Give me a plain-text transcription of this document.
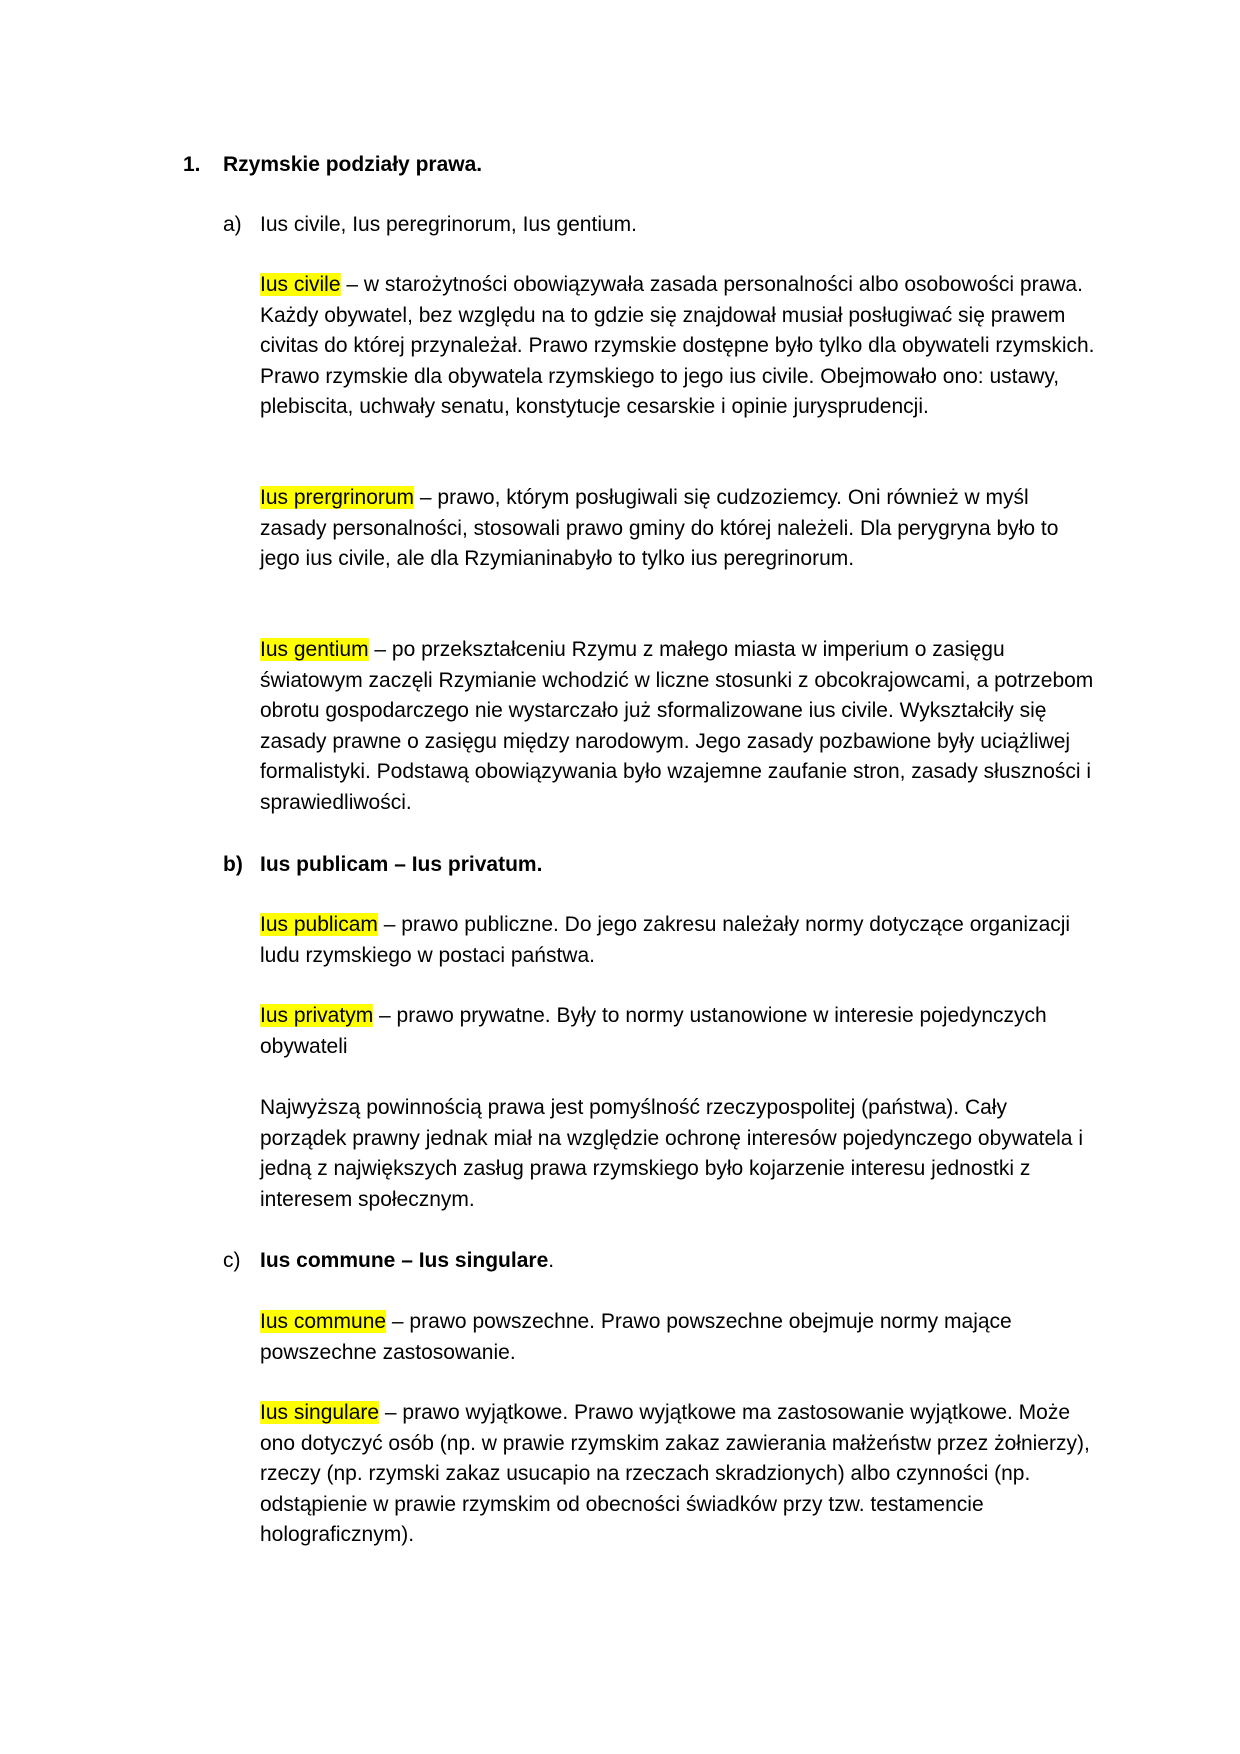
1. Rzymskie podziały prawa.
a) Ius civile, Ius peregrinorum, Ius gentium.
Ius civile – w starożytności obowiązywała zasada personalności albo osobowości prawa. Każdy obywatel, bez względu na to gdzie się znajdował musiał posługiwać się prawem civitas do której przynależał. Prawo rzymskie dostępne było tylko dla obywateli rzymskich. Prawo rzymskie dla obywatela rzymskiego to jego ius civile. Obejmowało ono: ustawy, plebiscita, uchwały senatu, konstytucje cesarskie i opinie jurysprudencji.
Ius prergrinorum – prawo, którym posługiwali się cudzoziemcy. Oni również w myśl zasady personalności, stosowali prawo gminy do której należeli. Dla perygryna było to jego ius civile, ale dla Rzymianinabyło to tylko ius peregrinorum.
Ius gentium – po przekształceniu Rzymu z małego miasta w imperium o zasięgu światowym zaczęli Rzymianie wchodzić w liczne stosunki z obcokrajowcami, a potrzebom obrotu gospodarczego nie wystarczało już sformalizowane ius civile. Wykształciły się zasady prawne o zasięgu między narodowym. Jego zasady pozbawione były uciążliwej formalistyki. Podstawą obowiązywania było wzajemne zaufanie stron, zasady słuszności i sprawiedliwości.
b) Ius publicam – Ius privatum.
Ius publicam – prawo publiczne. Do jego zakresu należały normy dotyczące organizacji ludu rzymskiego w postaci państwa.
Ius privatym – prawo prywatne. Były to normy ustanowione w interesie pojedynczych obywateli
Najwyższą powinnością prawa jest pomyślność rzeczypospolitej (państwa). Cały porządek prawny jednak miał na względzie ochronę interesów pojedynczego obywatela i jedną z największych zasług prawa rzymskiego było kojarzenie interesu jednostki z interesem społecznym.
c) Ius commune – Ius singulare.
Ius commune – prawo powszechne. Prawo powszechne obejmuje normy mające powszechne zastosowanie.
Ius singulare – prawo wyjątkowe. Prawo wyjątkowe ma zastosowanie wyjątkowe. Może ono dotyczyć osób (np. w prawie rzymskim zakaz zawierania małżeństw przez żołnierzy), rzeczy (np. rzymski zakaz usucapio na rzeczach skradzionych) albo czynności (np. odstąpienie w prawie rzymskim od obecności świadków przy tzw. testamencie holograficznym).
